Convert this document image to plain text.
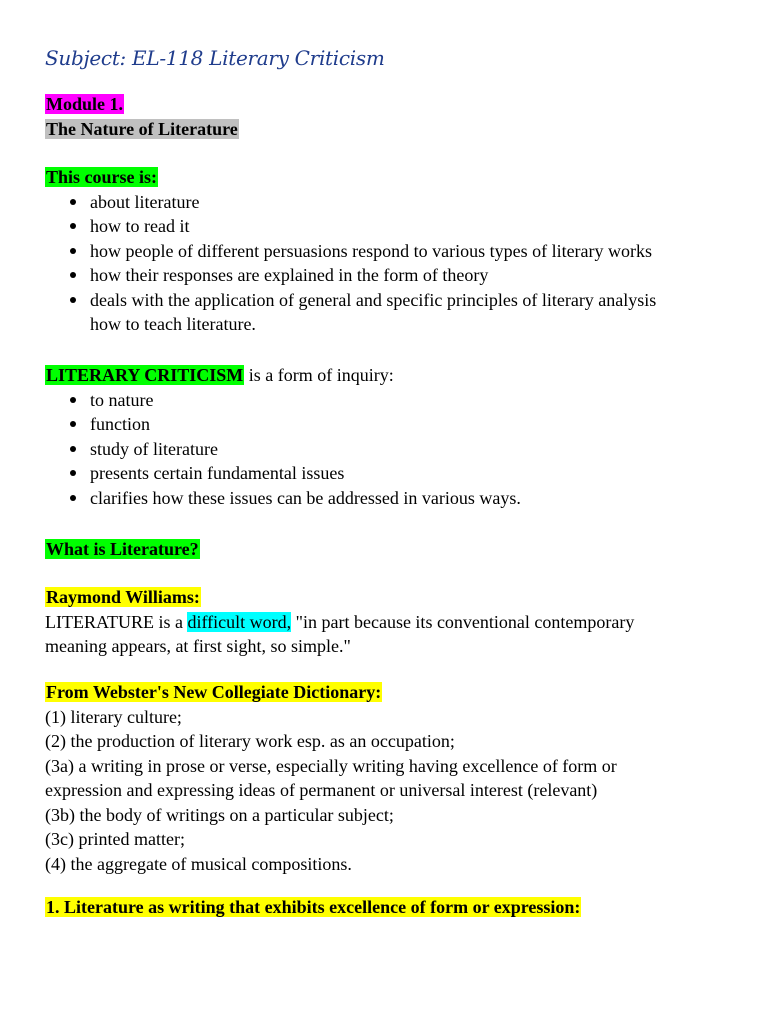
Subject: EL-118 Literary Criticism
Module 1.
The Nature of Literature
This course is:
about literature
how to read it
how people of different persuasions respond to various types of literary works
how their responses are explained in the form of theory
deals with the application of general and specific principles of literary analysis
how to teach literature.
LITERARY CRITICISM is a form of inquiry:
to nature
function
study of literature
presents certain fundamental issues
clarifies how these issues can be addressed in various ways.
What is Literature?
Raymond Williams:
LITERATURE is a difficult word, "in part because its conventional contemporary
meaning appears, at first sight, so simple."
From Webster's New Collegiate Dictionary:
(1) literary culture;
(2) the production of literary work esp. as an occupation;
(3a) a writing in prose or verse, especially writing having excellence of form or
expression and expressing ideas of permanent or universal interest (relevant)
(3b) the body of writings on a particular subject;
(3c) printed matter;
(4) the aggregate of musical compositions.
1. Literature as writing that exhibits excellence of form or expression:
